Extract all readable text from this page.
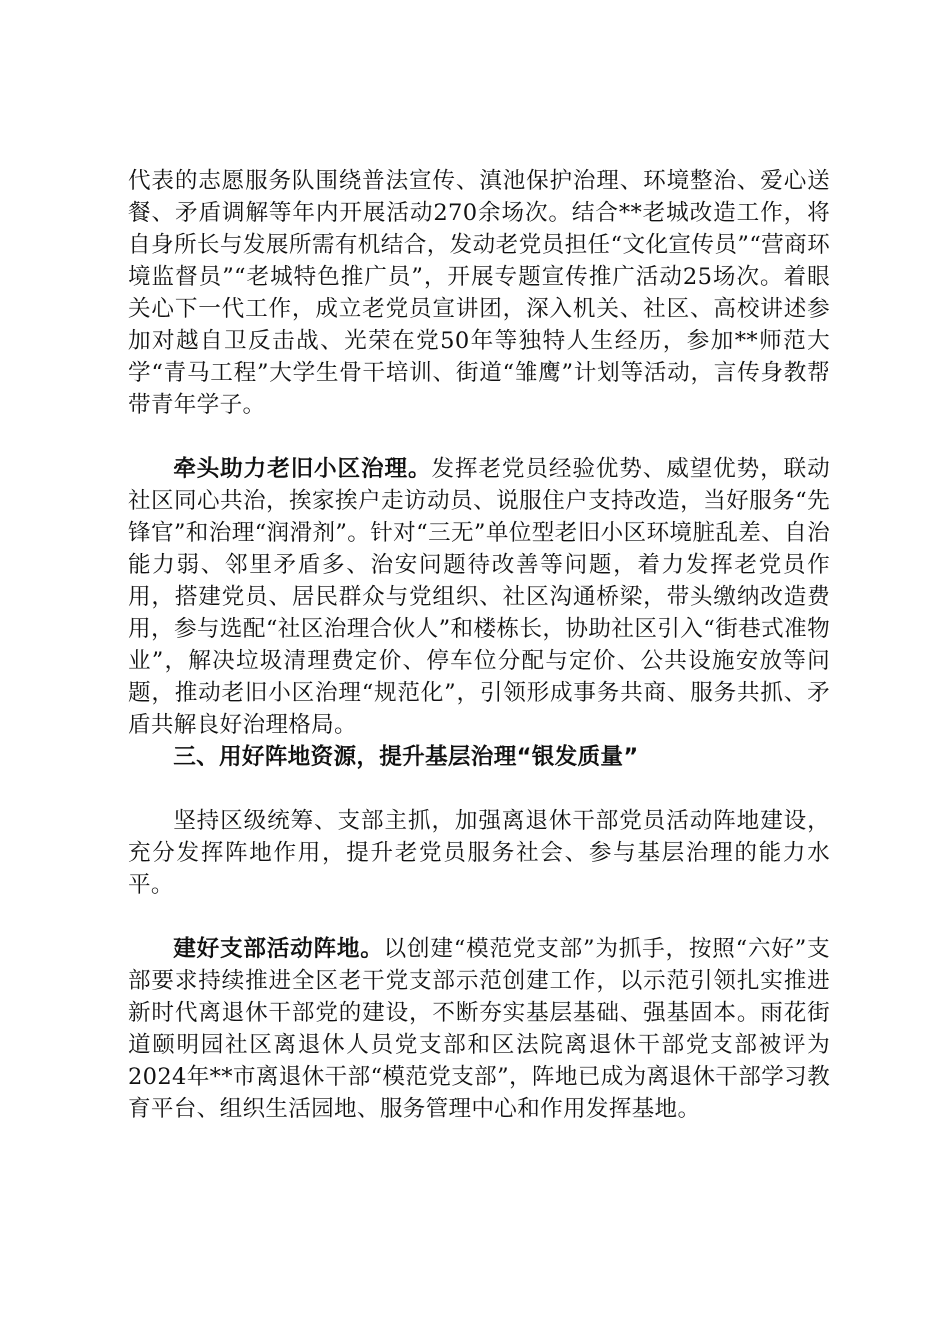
代表的志愿服务队围绕普法宣传、滇池保护治理、环境整治、爱心送餐、矛盾调解等年内开展活动270余场次。结合**老城改造工作，将自身所长与发展所需有机结合，发动老党员担任“文化宣传员”“营商环境监督员”“老城特色推广员”，开展专题宣传推广活动25场次。着眼关心下一代工作，成立老党员宣讲团，深入机关、社区、高校讲述参加对越自卫反击战、光荣在党50年等独特人生经历，参加**师范大学“青马工程”大学生骨干培训、街道“雏鹰”计划等活动，言传身教帮带青年学子。

牵头助力老旧小区治理。发挥老党员经验优势、威望优势，联动社区同心共治，挨家挨户走访动员、说服住户支持改造，当好服务“先锋官”和治理“润滑剂”。针对“三无”单位型老旧小区环境脏乱差、自治能力弱、邻里矛盾多、治安问题待改善等问题，着力发挥老党员作用，搭建党员、居民群众与党组织、社区沟通桥梁，带头缴纳改造费用，参与选配“社区治理合伙人”和楼栋长，协助社区引入“街巷式准物业”，解决垃圾清理费定价、停车位分配与定价、公共设施安放等问题，推动老旧小区治理“规范化”，引领形成事务共商、服务共抓、矛盾共解良好治理格局。

三、用好阵地资源，提升基层治理“银发质量”

坚持区级统筹、支部主抓，加强离退休干部党员活动阵地建设，充分发挥阵地作用，提升老党员服务社会、参与基层治理的能力水平。

建好支部活动阵地。以创建“模范党支部”为抓手，按照“六好”支部要求持续推进全区老干党支部示范创建工作，以示范引领扎实推进新时代离退休干部党的建设，不断夯实基层基础、强基固本。雨花街道颐明园社区离退休人员党支部和区法院离退休干部党支部被评为2024年**市离退休干部“模范党支部”，阵地已成为离退休干部学习教育平台、组织生活园地、服务管理中心和作用发挥基地。
